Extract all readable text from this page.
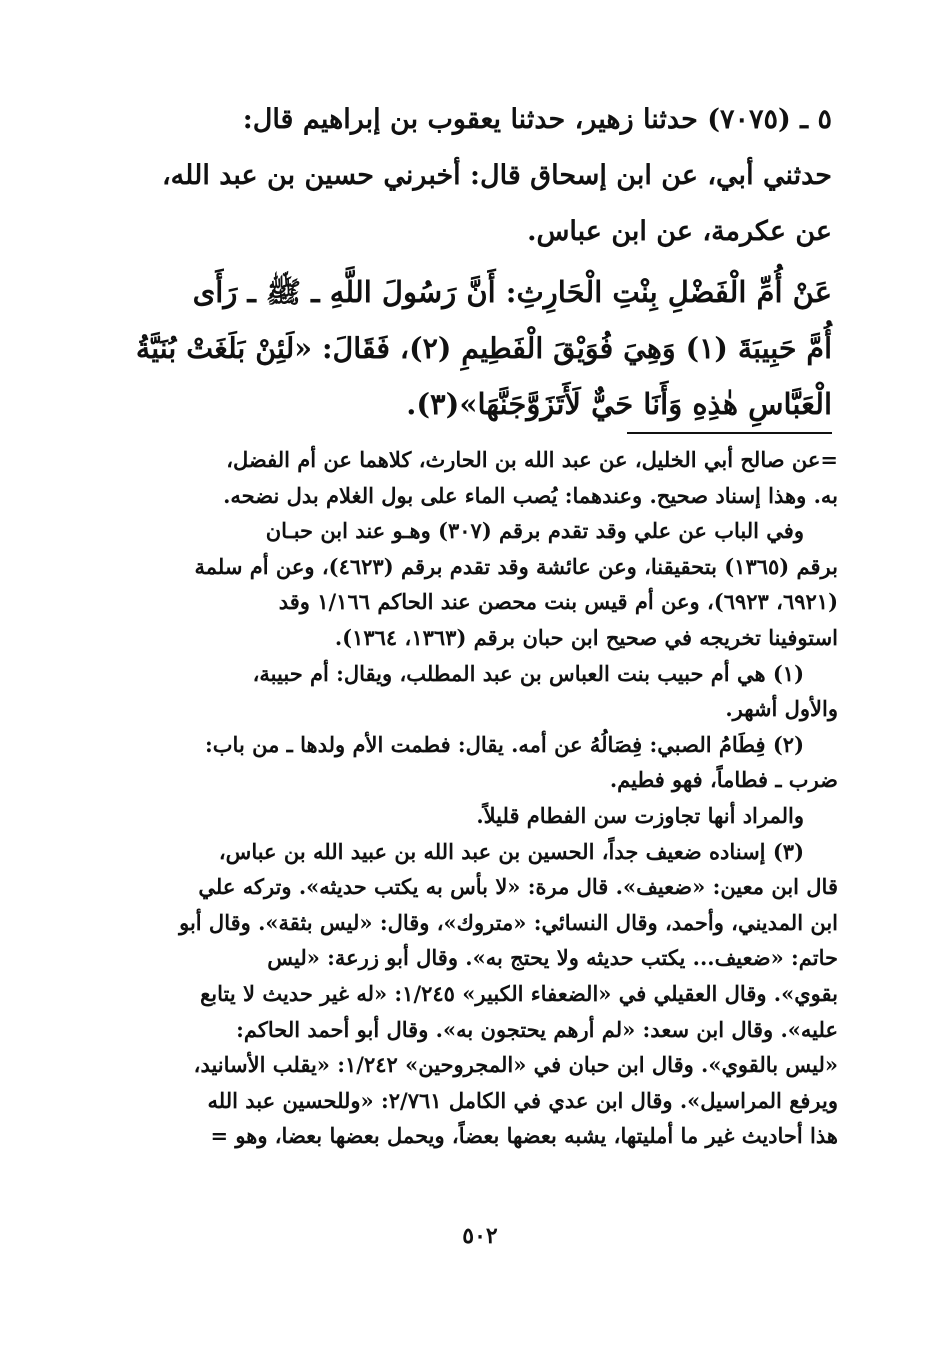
٥ ـ (٧٠٧٥) حدثنا زهير، حدثنا يعقوب بن إبراهيم قال:

حدثني أبي، عن ابن إسحاق قال: أخبرني حسين بن عبد الله،

عن عكرمة، عن ابن عباس.

عَنْ أُمِّ الْفَضْلِ بِنْتِ الْحَارِثِ: أَنَّ رَسُولَ اللَّهِ ـ ﷺ ـ رَأَى

أُمَّ حَبِيبَةَ (١) وَهِيَ فُوَيْقَ الْفَطِيمِ (٢)، فَقَالَ: «لَئِنْ بَلَغَتْ بُنَيَّةُ

الْعَبَّاسِ هٰذِهِ وَأَنَا حَيٌّ لَأَتَزَوَّجَنَّهَا»(٣).

=عن صالح أبي الخليل، عن عبد الله بن الحارث، كلاهما عن أم الفضل،

به. وهذا إسناد صحيح. وعندهما: يُصب الماء على بول الغلام بدل نضحه.

وفي الباب عن علي وقد تقدم برقم (٣٠٧) وهـو عند ابن حبـان

برقم (١٣٦٥) بتحقيقنا، وعن عائشة وقد تقدم برقم (٤٦٢٣)، وعن أم سلمة

(٦٩٢١، ٦٩٢٣)، وعن أم قيس بنت محصن عند الحاكم ١/١٦٦ وقد

استوفينا تخريجه في صحيح ابن حبان برقم (١٣٦٣، ١٣٦٤).

(١) هي أم حبيب بنت العباس بن عبد المطلب، ويقال: أم حبيبة،

والأول أشهر.

(٢) فِطَامُ الصبي: فِصَالُهُ عن أمه. يقال: فطمت الأم ولدها ـ من باب:

ضرب ـ فطاماً، فهو فطيم.

والمراد أنها تجاوزت سن الفطام قليلاً.

(٣) إسناده ضعيف جداً، الحسين بن عبد الله بن عبيد الله بن عباس،

قال ابن معين: «ضعيف». قال مرة: «لا بأس به يكتب حديثه». وتركه علي

ابن المديني، وأحمد، وقال النسائي: «متروك»، وقال: «ليس بثقة». وقال أبو

حاتم: «ضعيف... يكتب حديثه ولا يحتج به». وقال أبو زرعة: «ليس

بقوي». وقال العقيلي في «الضعفاء الكبير» ١/٢٤٥: «له غير حديث لا يتابع

عليه». وقال ابن سعد: «لم أرهم يحتجون به». وقال أبو أحمد الحاكم:

«ليس بالقوي». وقال ابن حبان في «المجروحين» ١/٢٤٢: «يقلب الأسانيد،

ويرفع المراسيل». وقال ابن عدي في الكامل ٢/٧٦١: «وللحسين عبد الله

هذا أحاديث غير ما أمليتها، يشبه بعضها بعضاً، ويحمل بعضها بعضا، وهو =

٥٠٢
